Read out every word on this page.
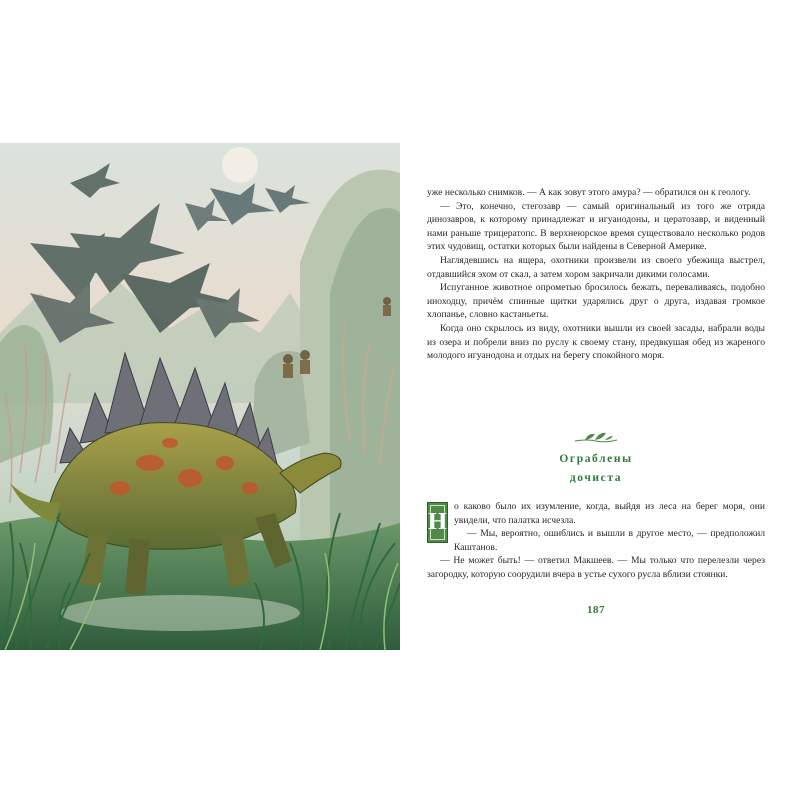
уже несколько снимков. — А как зовут этого амура? — обратился он к геологу.

— Это, конечно, стегозавр — самый оригинальный из того же отряда динозавров, к которому принадлежат и игуанодоны, и цератозавр, и виденный нами раньше трицератопс. В верхнеюрское время существовало несколько родов этих чудовищ, остатки которых были найдены в Северной Америке.

Наглядевшись на ящера, охотники произвели из своего убежища выстрел, отдавшийся эхом от скал, а затем хором закричали дикими голосами.

Испуганное животное опрометью бросилось бежать, переваливаясь, подобно иноходцу, причём спинные щитки ударялись друг о друга, издавая громкое хлопанье, словно кастаньеты.

Когда оно скрылось из виду, охотники вышли из своей засады, набрали воды из озера и побрели вниз по руслу к своему стану, предвкушая обед из жареного молодого игуанодона и отдых на берегу спокойного моря.

Ограблены
дочиста

Н
о каково было их изумление, когда, выйдя из леса на берег моря, они увидели, что палатка исчезла.

— Мы, вероятно, ошиблись и вышли в другое место, — предположил Каштанов.

— Не может быть! — ответил Макшеев. — Мы только что перелезли через загородку, которую соорудили вчера в устье сухого русла вблизи стоянки.

187
